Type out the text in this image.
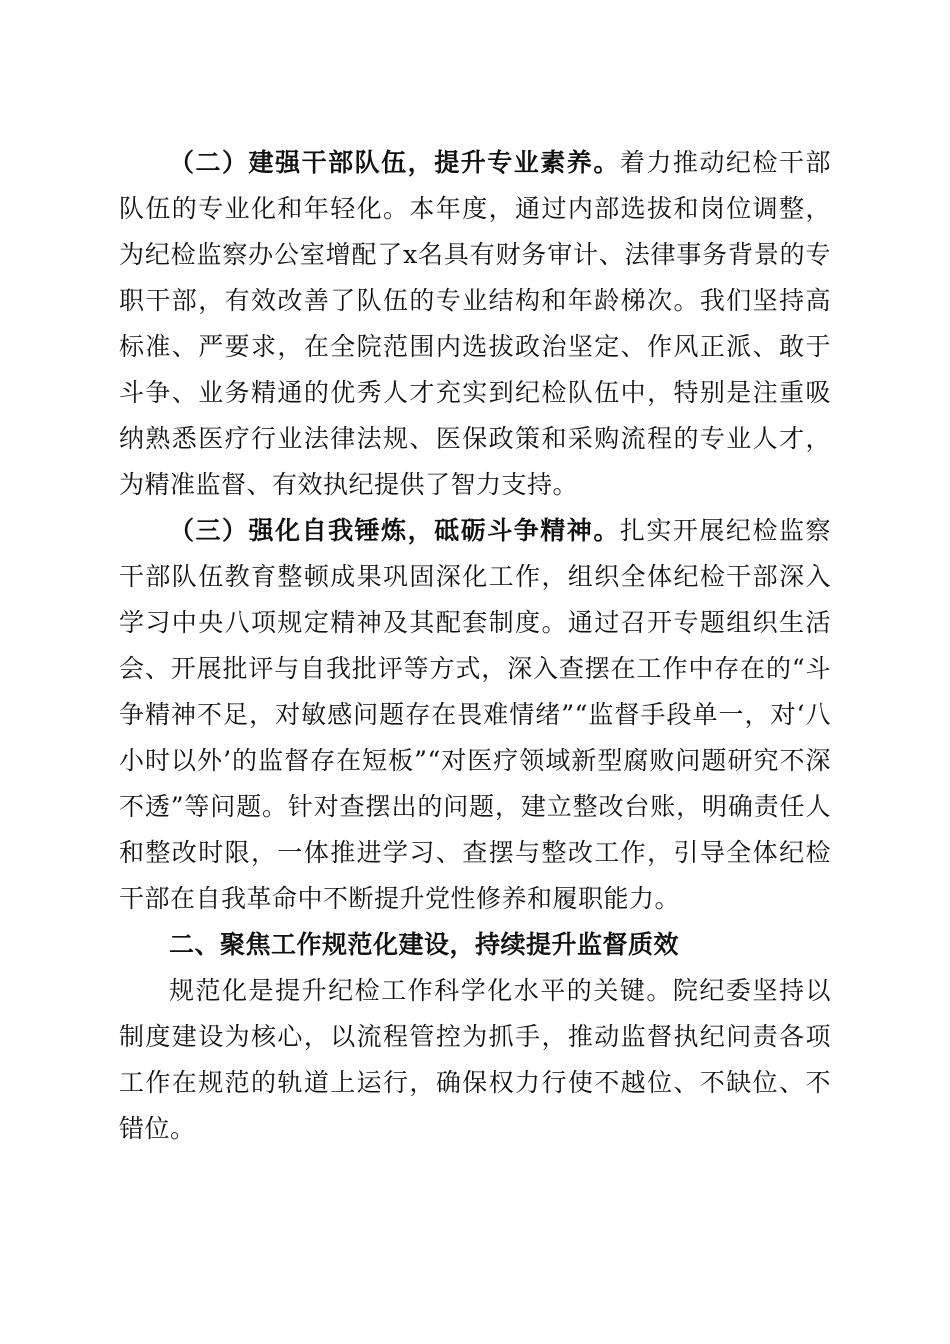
（二）建强干部队伍，提升专业素养。着力推动纪检干部队伍的专业化和年轻化。本年度，通过内部选拔和岗位调整，为纪检监察办公室增配了x名具有财务审计、法律事务背景的专职干部，有效改善了队伍的专业结构和年龄梯次。我们坚持高标准、严要求，在全院范围内选拔政治坚定、作风正派、敢于斗争、业务精通的优秀人才充实到纪检队伍中，特别是注重吸纳熟悉医疗行业法律法规、医保政策和采购流程的专业人才，为精准监督、有效执纪提供了智力支持。

（三）强化自我锤炼，砥砺斗争精神。扎实开展纪检监察干部队伍教育整顿成果巩固深化工作，组织全体纪检干部深入学习中央八项规定精神及其配套制度。通过召开专题组织生活会、开展批评与自我批评等方式，深入查摆在工作中存在的“斗争精神不足，对敏感问题存在畏难情绪”“监督手段单一，对‘八小时以外’的监督存在短板”“对医疗领域新型腐败问题研究不深不透”等问题。针对查摆出的问题，建立整改台账，明确责任人和整改时限，一体推进学习、查摆与整改工作，引导全体纪检干部在自我革命中不断提升党性修养和履职能力。

二、聚焦工作规范化建设，持续提升监督质效

规范化是提升纪检工作科学化水平的关键。院纪委坚持以制度建设为核心，以流程管控为抓手，推动监督执纪问责各项工作在规范的轨道上运行，确保权力行使不越位、不缺位、不错位。
